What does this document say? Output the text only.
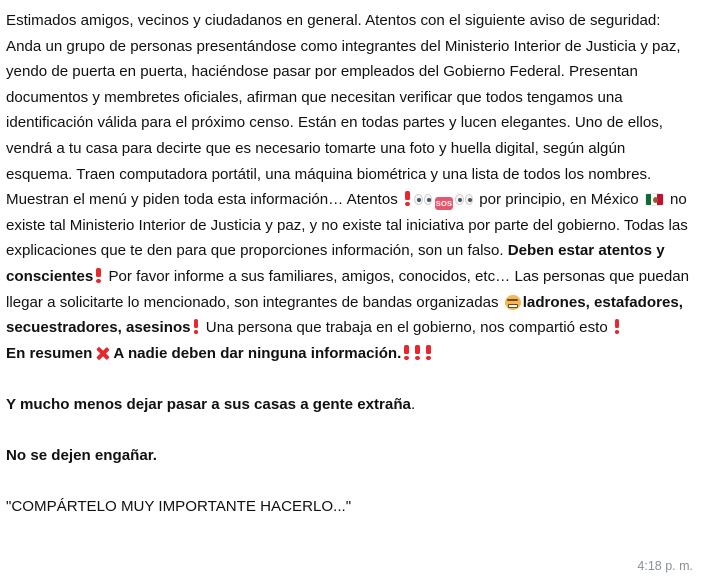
Estimados amigos, vecinos y ciudadanos en general. Atentos con el siguiente aviso de seguridad: Anda un grupo de personas presentándose como integrantes del Ministerio Interior de Justicia y paz, yendo de puerta en puerta, haciéndose pasar por empleados del Gobierno Federal. Presentan documentos y membretes oficiales, afirman que necesitan verificar que todos tengamos una identificación válida para el próximo censo. Están en todas partes y lucen elegantes. Uno de ellos, vendrá a tu casa para decirte que es necesario tomarte una foto y huella digital, según algún esquema. Traen computadora portátil, una máquina biométrica y una lista de todos los nombres. Muestran el menú y piden toda esta información… Atentos	SOS
por principio, en México
no existe tal Ministerio Interior de Justicia y paz, y no existe tal iniciativa por parte del gobierno. Todas las explicaciones que te den para que proporciones información, son un falso. Deben estar atentos y conscientes Por favor informe a sus familiares, amigos, conocidos, etc… Las personas que puedan llegar a solicitarte lo mencionado, son integrantes de bandas organizadas ladrones, estafadores, secuestradores, asesinos Una persona que trabaja en el gobierno, nos compartió esto

En resumen A nadie deben dar ninguna información.

Y mucho menos dejar pasar a sus casas a gente extraña.

No se dejen engañar.

"COMPÁRTELO MUY IMPORTANTE HACERLO..."

4:18 p. m.
